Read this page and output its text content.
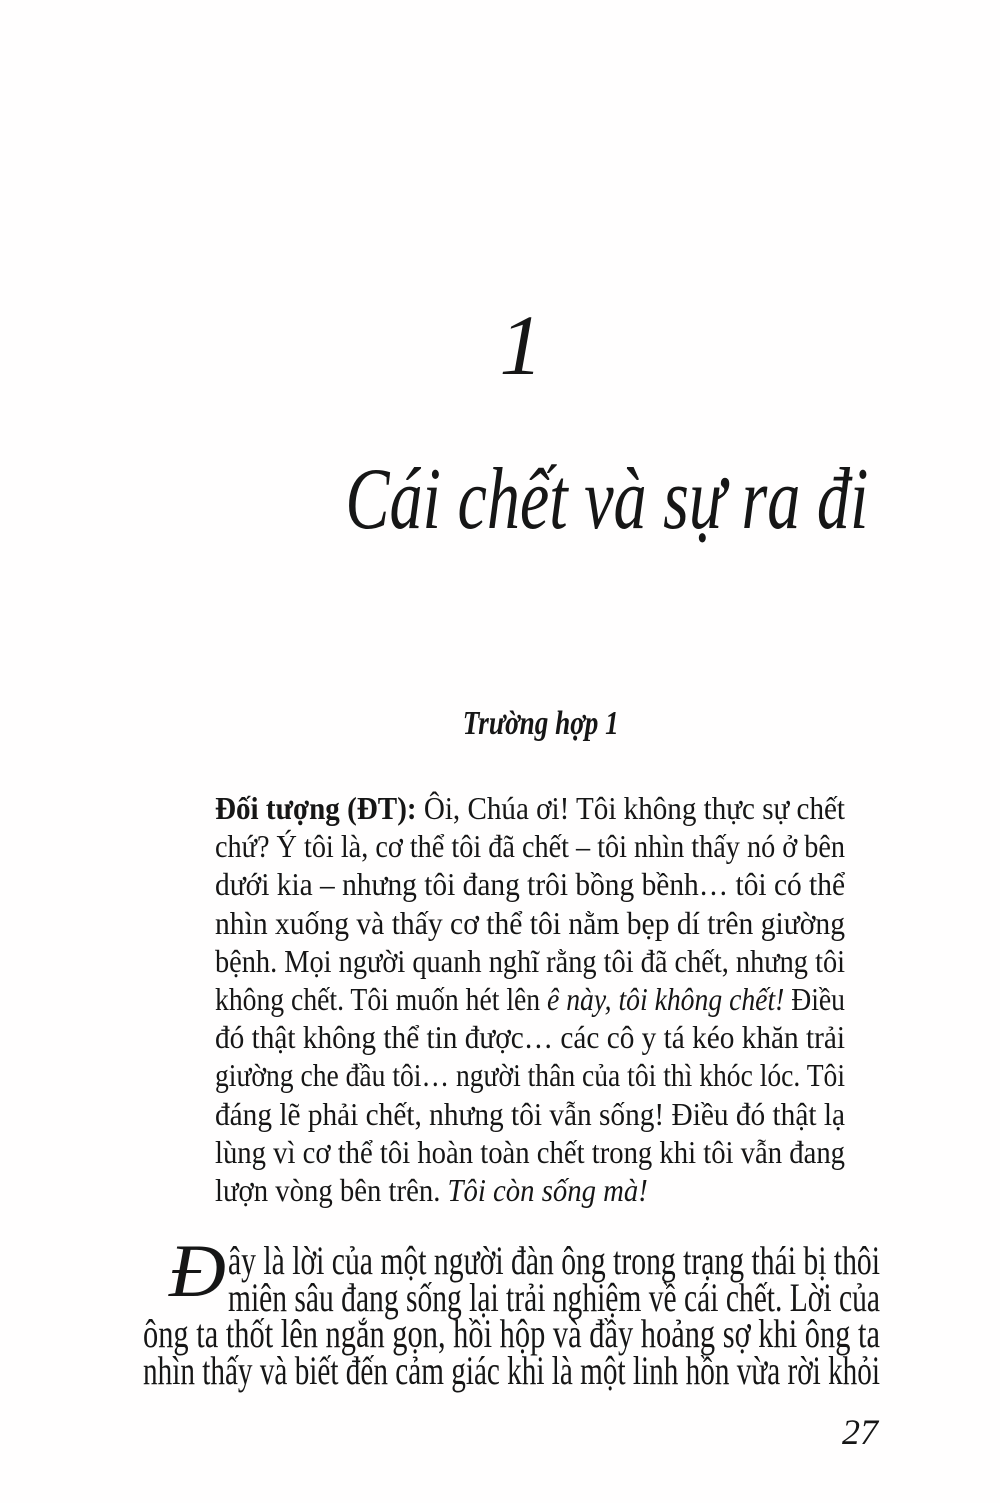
1
Cái chết và sự ra đi
Trường hợp 1
Đối tượng (ĐT): Ôi, Chúa ơi! Tôi không thực sự chết
chứ? Ý tôi là, cơ thể tôi đã chết – tôi nhìn thấy nó ở bên
dưới kia – nhưng tôi đang trôi bồng bềnh… tôi có thể
nhìn xuống và thấy cơ thể tôi nằm bẹp dí trên giường
bệnh. Mọi người quanh nghĩ rằng tôi đã chết, nhưng tôi
không chết. Tôi muốn hét lên ê này, tôi không chết! Điều
đó thật không thể tin được… các cô y tá kéo khăn trải
giường che đầu tôi… người thân của tôi thì khóc lóc. Tôi
đáng lẽ phải chết, nhưng tôi vẫn sống! Điều đó thật lạ
lùng vì cơ thể tôi hoàn toàn chết trong khi tôi vẫn đang
lượn vòng bên trên. Tôi còn sống mà!
Đ ây là lời của một người đàn ông trong trạng thái bị thôi
miên sâu đang sống lại trải nghiệm về cái chết. Lời của
ông ta thốt lên ngắn gọn, hồi hộp và đầy hoảng sợ khi ông ta
nhìn thấy và biết đến cảm giác khi là một linh hồn vừa rời khỏi
27
